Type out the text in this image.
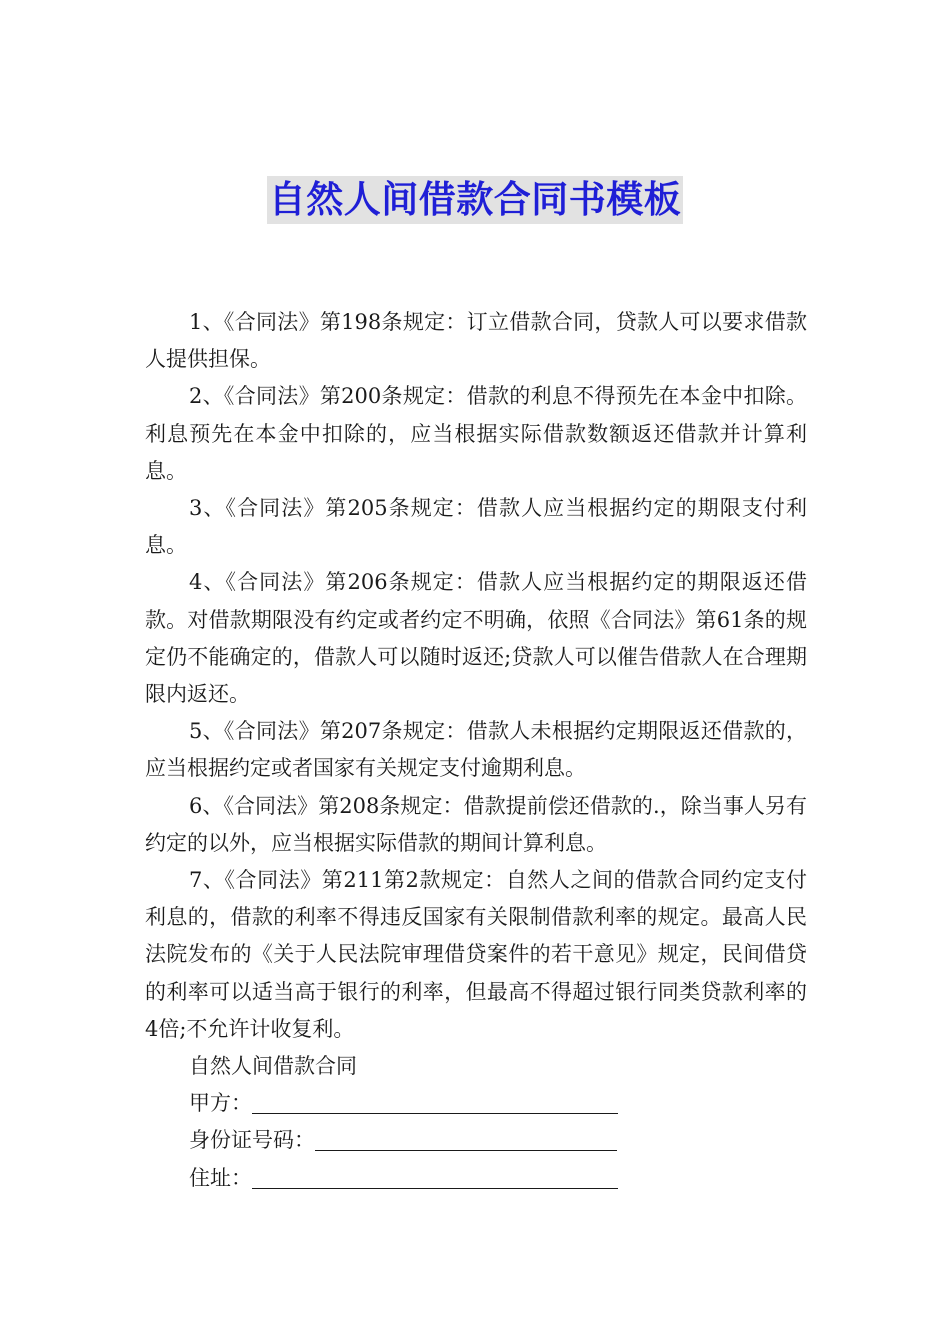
自然人间借款合同书模板

1、《合同法》第198条规定：订立借款合同，贷款人可以要求借款人提供担保。

2、《合同法》第200条规定：借款的利息不得预先在本金中扣除。利息预先在本金中扣除的，应当根据实际借款数额返还借款并计算利息。

3、《合同法》第205条规定：借款人应当根据约定的期限支付利息。

4、《合同法》第206条规定：借款人应当根据约定的期限返还借款。对借款期限没有约定或者约定不明确，依照《合同法》第61条的规定仍不能确定的，借款人可以随时返还;贷款人可以催告借款人在合理期限内返还。

5、《合同法》第207条规定：借款人未根据约定期限返还借款的，应当根据约定或者国家有关规定支付逾期利息。

6、《合同法》第208条规定：借款提前偿还借款的.，除当事人另有约定的以外，应当根据实际借款的期间计算利息。

7、《合同法》第211第2款规定：自然人之间的借款合同约定支付利息的，借款的利率不得违反国家有关限制借款利率的规定。最高人民法院发布的《关于人民法院审理借贷案件的若干意见》规定，民间借贷的利率可以适当高于银行的利率，但最高不得超过银行同类贷款利率的4倍;不允许计收复利。

自然人间借款合同

甲方：

身份证号码：

住址：
